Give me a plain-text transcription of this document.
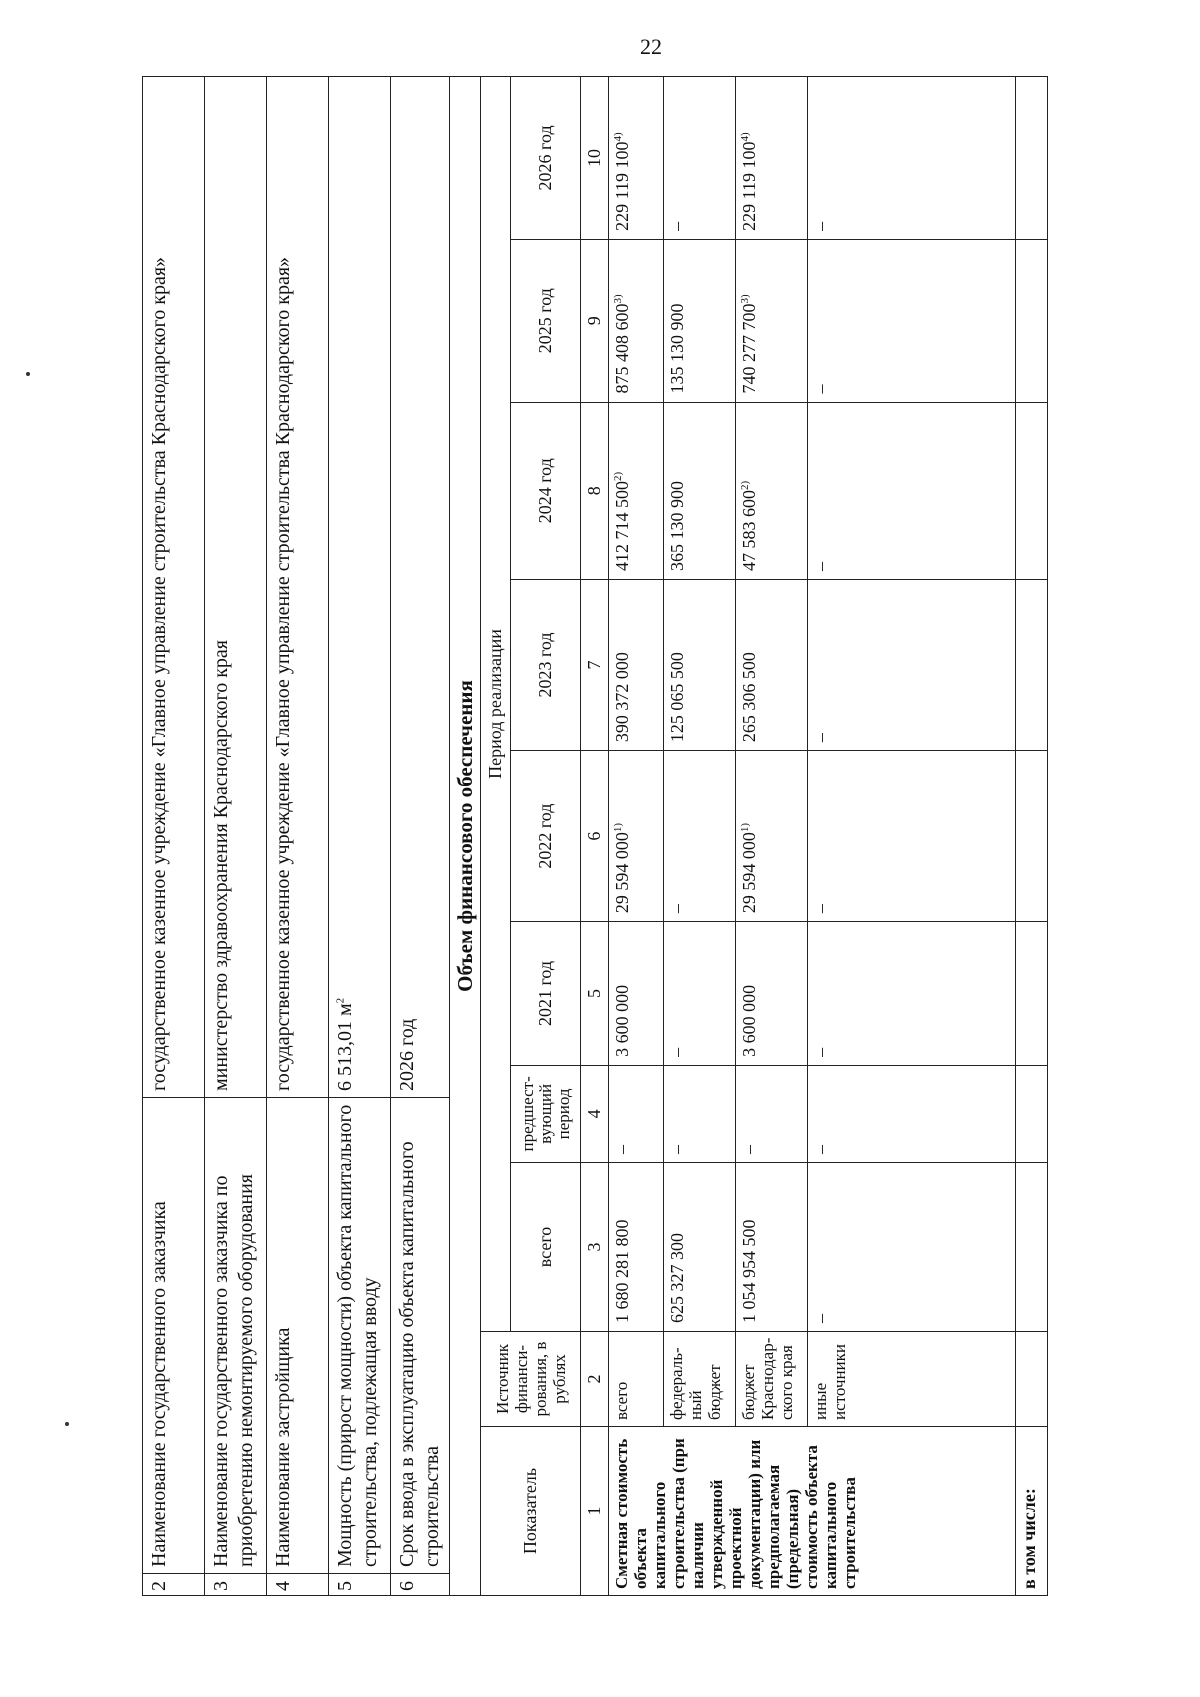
22
2	Наименование государственного заказчика	государственное казенное учреждение «Главное управление строительства Краснодарского края»
3	Наименование государственного заказчика по приобретению немонтируемого оборудования	министерство здравоохранения Краснодарского края
4	Наименование застройщика	государственное казенное учреждение «Главное управление строительства Краснодарского края»
5	Мощность (прирост мощности) объекта капитального строительства, подлежащая вводу	6 513,01 $м^2$
6	Срок ввода в эксплуатацию объекта капитального строительства	2026 год
Объем финансового обеспечения
Показатель	Источник финанси-рования, в рублях	Период реализации							
		всего	предшест-вующий период	2021 год	2022 год	2023 год	2024 год	2025 год	2026 год
1	2	3	4	5	6	7	8	9	10
Сметная стоимость объекта капитального строительства (при наличии утвержденной проектной документации) или предполагаемая (предельная) стоимость объекта капитального строительства	всего	1 680 281 800	–	3 600 000	29 594 000$^{1)}$	390 372 000	412 714 500$^{2)}$	875 408 600$^{3)}$	229 119 100$^{4)}$
	федераль-ный бюджет	625 327 300	–	–	–	125 065 500	365 130 900	135 130 900	–
	бюджет Краснодар-ского края	1 054 954 500	–	3 600 000	29 594 000$^{1)}$	265 306 500	47 583 600$^{2)}$	740 277 700$^{3)}$	229 119 100$^{4)}$
	иные источники	–	–	–	–	–	–	–	–
в том числе:									
